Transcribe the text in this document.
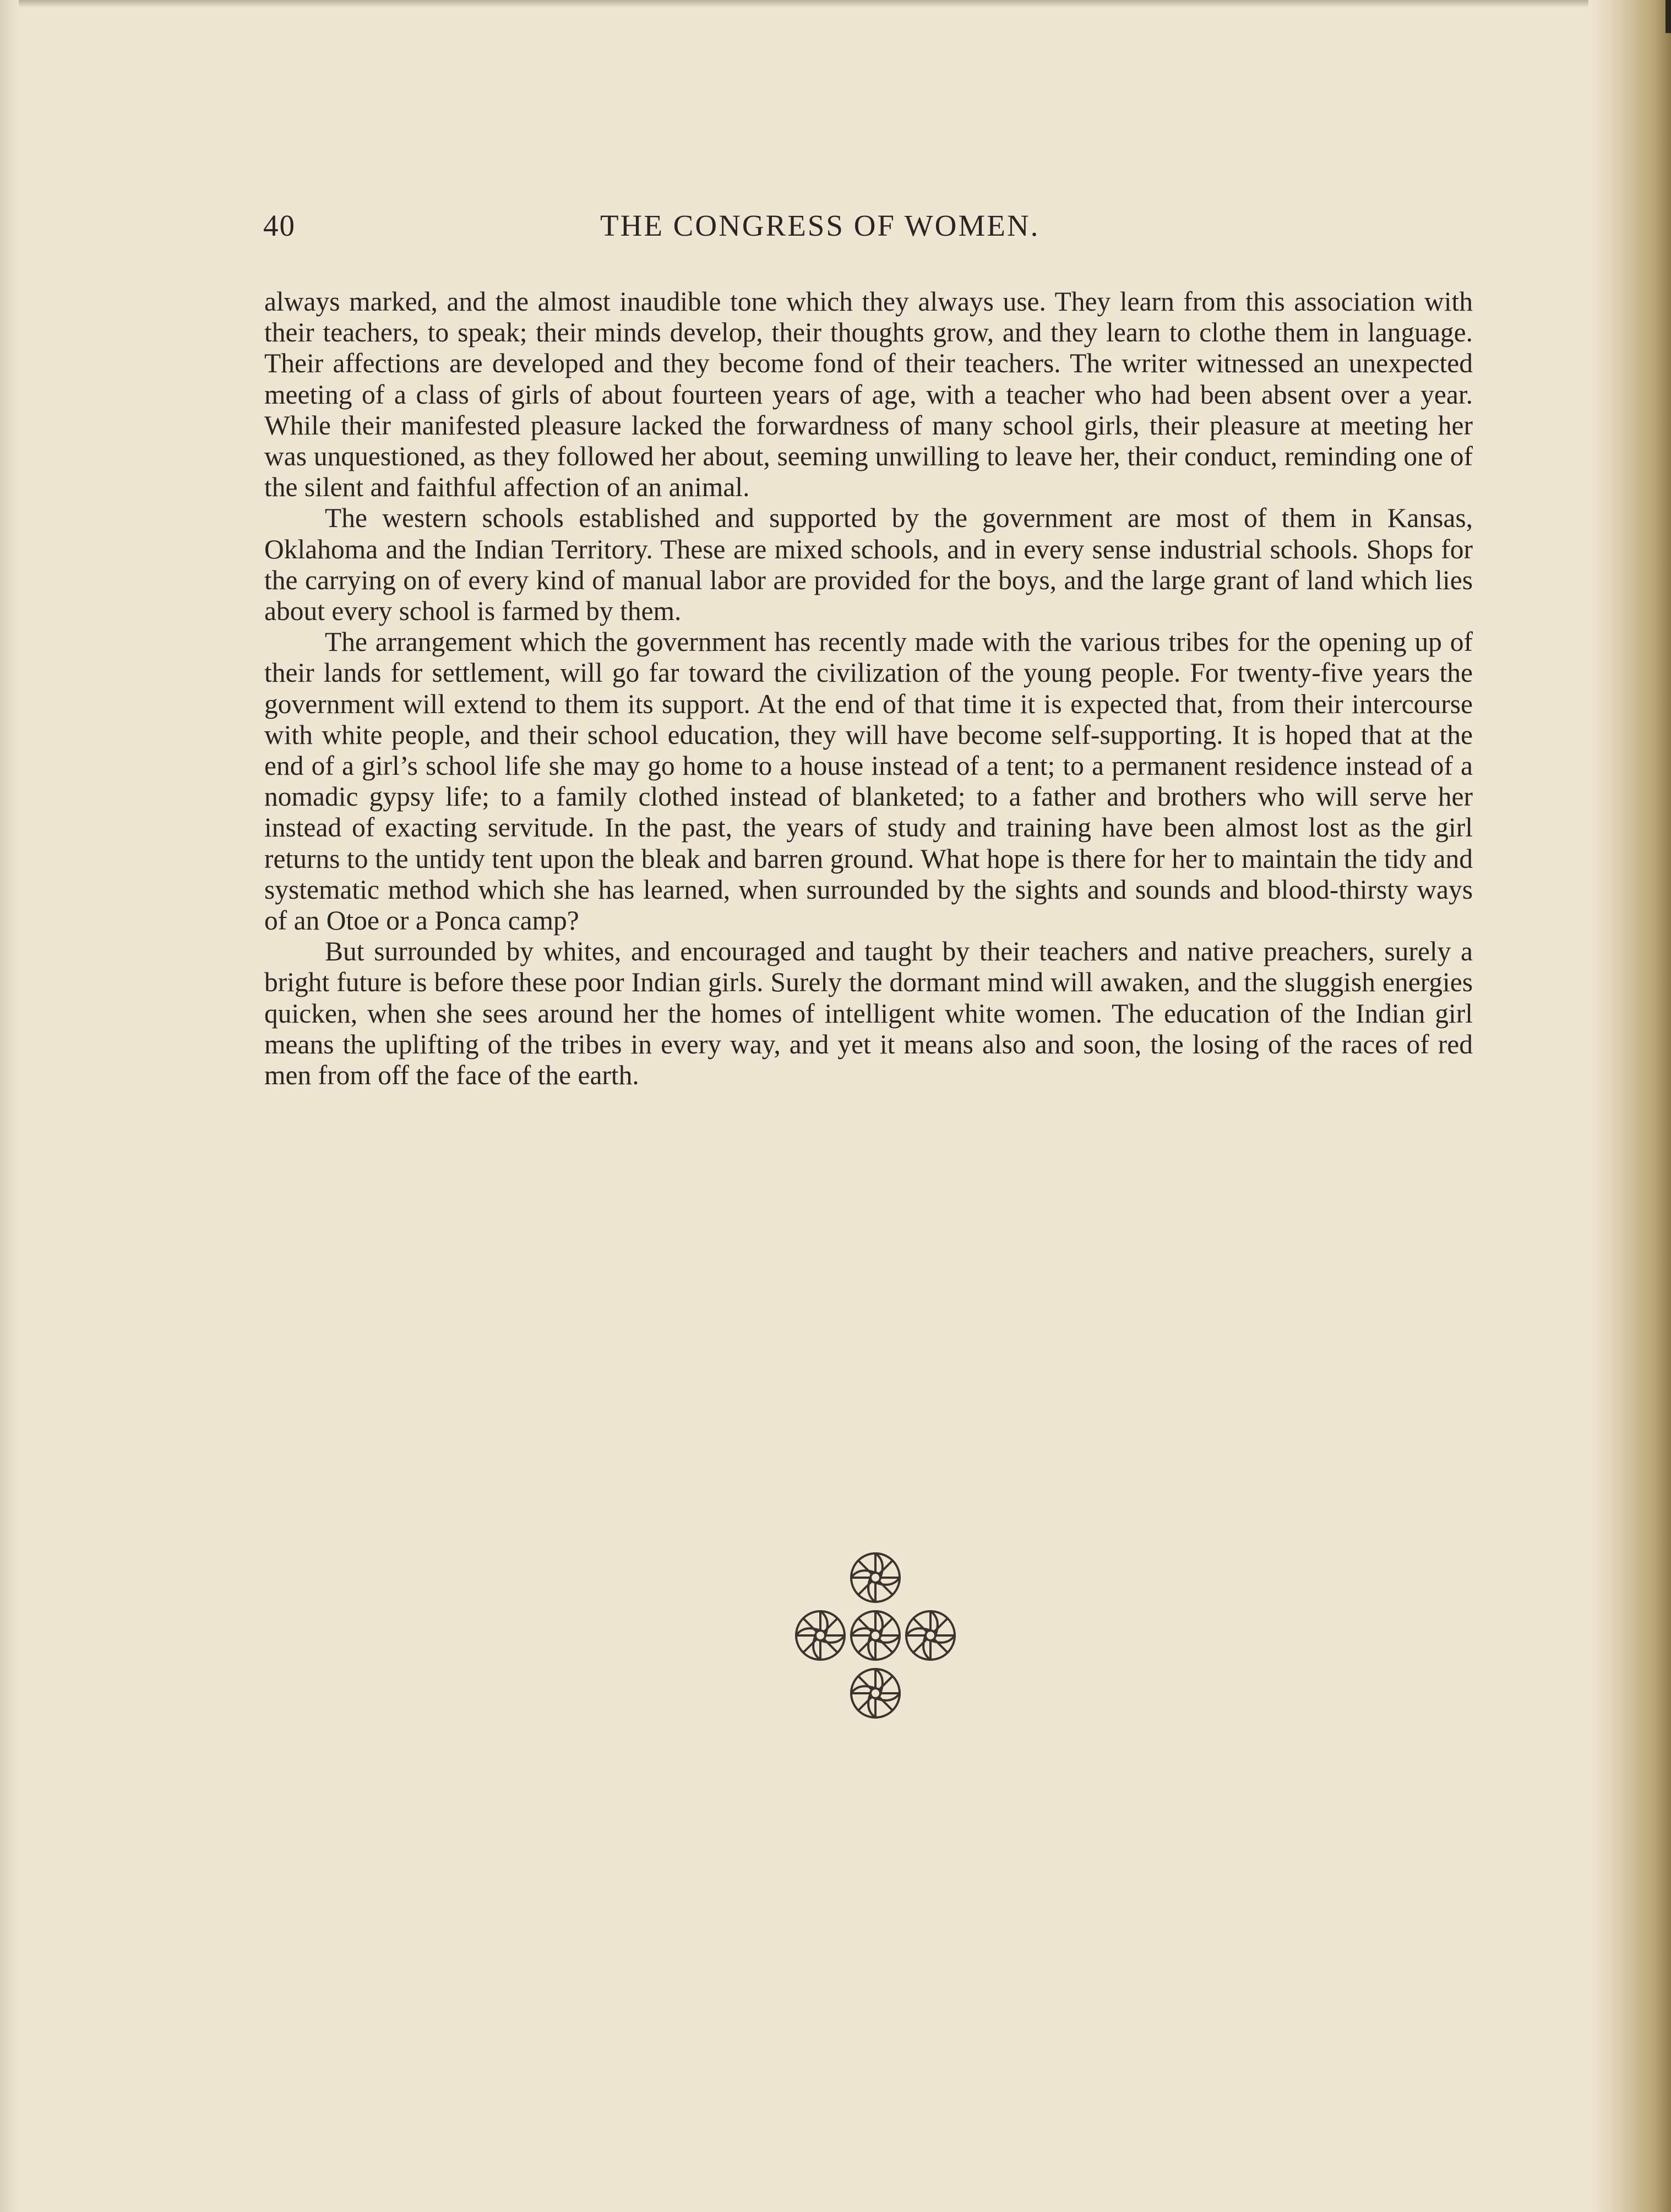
40	THE CONGRESS OF WOMEN.

always marked, and the almost inaudible tone which they always use. They learn from this association with their teachers, to speak; their minds develop, their thoughts grow, and they learn to clothe them in language. Their affections are developed and they become fond of their teachers. The writer witnessed an unexpected meeting of a class of girls of about fourteen years of age, with a teacher who had been absent over a year. While their manifested pleasure lacked the forwardness of many school girls, their pleasure at meeting her was unquestioned, as they followed her about, seeming unwilling to leave her, their conduct, reminding one of the silent and faithful affection of an animal.

The western schools established and supported by the government are most of them in Kansas, Oklahoma and the Indian Territory. These are mixed schools, and in every sense industrial schools. Shops for the carrying on of every kind of manual labor are provided for the boys, and the large grant of land which lies about every school is farmed by them.

The arrangement which the government has recently made with the various tribes for the opening up of their lands for settlement, will go far toward the civilization of the young people. For twenty-five years the government will extend to them its support. At the end of that time it is expected that, from their intercourse with white people, and their school education, they will have become self-supporting. It is hoped that at the end of a girl’s school life she may go home to a house instead of a tent; to a permanent residence instead of a nomadic gypsy life; to a family clothed instead of blanketed; to a father and brothers who will serve her instead of exacting servitude. In the past, the years of study and training have been almost lost as the girl returns to the untidy tent upon the bleak and barren ground. What hope is there for her to maintain the tidy and systematic method which she has learned, when surrounded by the sights and sounds and blood-thirsty ways of an Otoe or a Ponca camp?

But surrounded by whites, and encouraged and taught by their teachers and native preachers, surely a bright future is before these poor Indian girls. Surely the dormant mind will awaken, and the sluggish energies quicken, when she sees around her the homes of intelligent white women. The education of the Indian girl means the uplifting of the tribes in every way, and yet it means also and soon, the losing of the races of red men from off the face of the earth.
